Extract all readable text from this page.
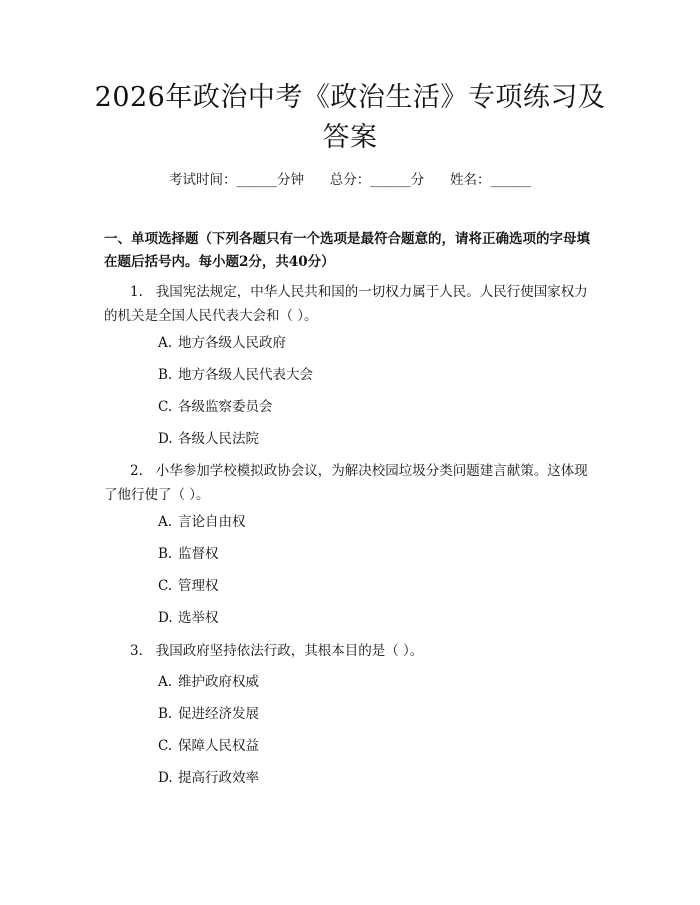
2026年政治中考《政治生活》专项练习及答案
考试时间：______分钟 总分：______分 姓名：______
一、单项选择题（下列各题只有一个选项是最符合题意的，请将正确选项的字母填在题后括号内。每小题2分，共40分）
1. 我国宪法规定，中华人民共和国的一切权力属于人民。人民行使国家权力的机关是全国人民代表大会和（ ）。
A. 地方各级人民政府
B. 地方各级人民代表大会
C. 各级监察委员会
D. 各级人民法院
2. 小华参加学校模拟政协会议，为解决校园垃圾分类问题建言献策。这体现了他行使了（ ）。
A. 言论自由权
B. 监督权
C. 管理权
D. 选举权
3. 我国政府坚持依法行政，其根本目的是（ ）。
A. 维护政府权威
B. 促进经济发展
C. 保障人民权益
D. 提高行政效率
